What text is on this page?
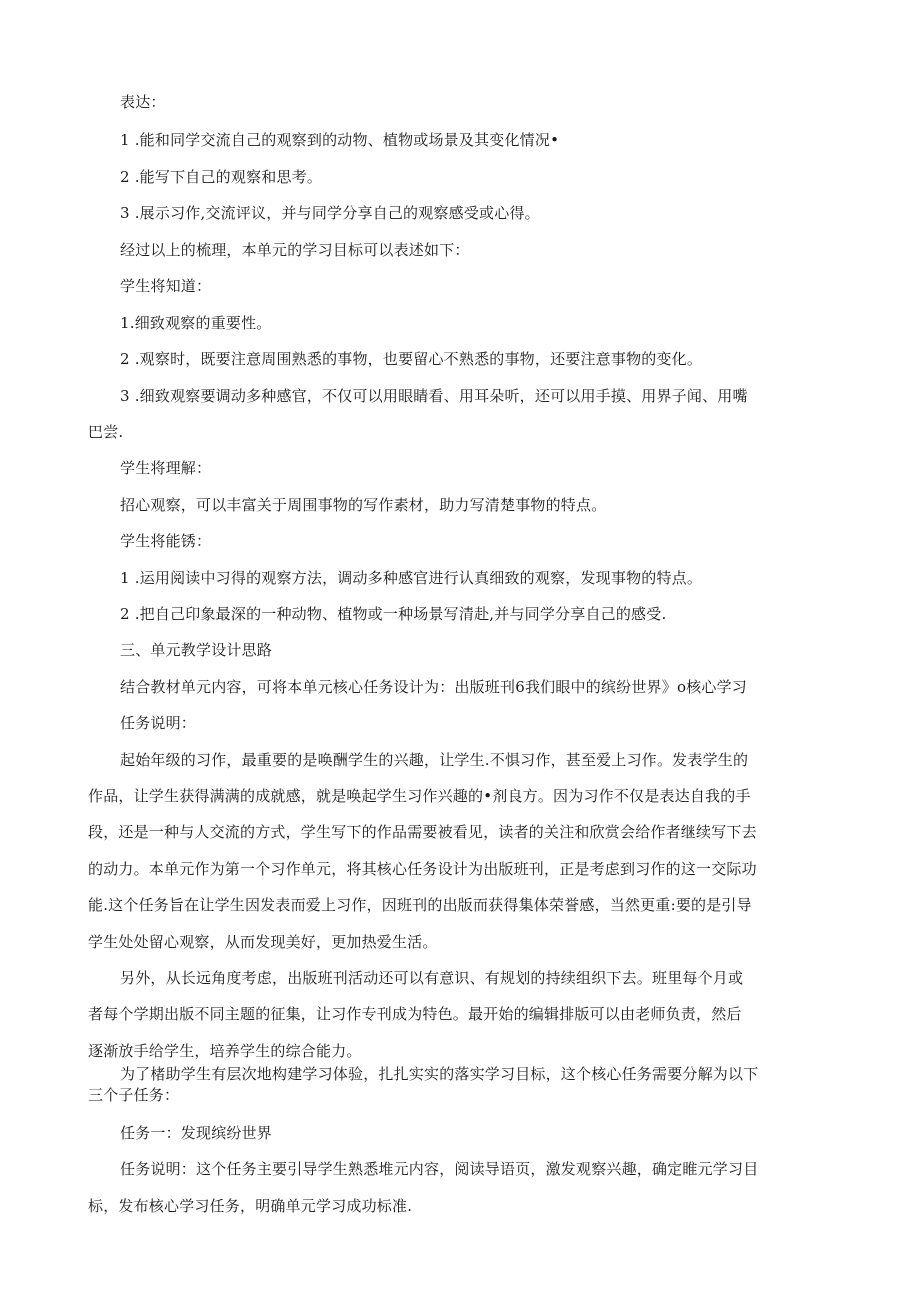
表达：
1 .能和同学交流自己的观察到的动物、植物或场景及其变化情况•
2 .能写下自己的观察和思考。
3 .展示习作,交流评议，并与同学分享自己的观察感受或心得。
经过以上的梳理，本单元的学习目标可以表述如下：
学生将知道：
1.细致观察的重要性。
2 .观察时，既要注意周围熟悉的事物，也要留心不熟悉的事物，还要注意事物的变化。
3 .细致观察要调动多种感官，不仅可以用眼睛看、用耳朵听，还可以用手摸、用界子闻、用嘴
巴尝.
学生将理解：
招心观察，可以丰富关于周围事物的写作素材，助力写清楚事物的特点。
学生将能锈：
1 .运用阅读中习得的观察方法，调动多种感官进行认真细致的观察，发现事物的特点。
2 .把自己印象最深的一种动物、植物或一种场景写清赴,并与同学分享自己的感受.
三、单元教学设计思路
结合教材单元内容，可将本单元核心任务设计为：出版班刊6我们眼中的缤纷世界》o核心学习
任务说明：
起始年级的习作，最重要的是唤酬学生的兴趣，让学生.不惧习作，甚至爱上习作。发表学生的
作品，让学生获得满满的成就感，就是唤起学生习作兴趣的•剂良方。因为习作不仅是表达自我的手
段，还是一种与人交流的方式，学生写下的作品需要被看见，读者的关注和欣赏会给作者继续写下去
的动力。本单元作为第一个习作单元，将其核心任务设计为出版班刊，正是考虑到习作的这一交际功
能.这个任务旨在让学生因发表而爱上习作，因班刊的出版而获得集体荣誉感，当然更重:要的是引导
学生处处留心观察，从而发现美好，更加热爱生活。
另外，从长远角度考虑，出版班刊活动还可以有意识、有规划的持续组织下去。班里每个月或
者每个学期出版不同主题的征集，让习作专刊成为特色。最开始的编辑排版可以由老师负责，然后
逐渐放手给学生，培养学生的综合能力。
为了楮助学生有层次地构建学习体验，扎扎实实的落实学习目标，这个核心任务需要分解为以下
三个子任务：
任务一：发现缤纷世界
任务说明：这个任务主要引导学生熟悉堆元内容，阅读导语页，激发观察兴趣，确定睢元学习目
标，发布核心学习任务，明确单元学习成功标准.
